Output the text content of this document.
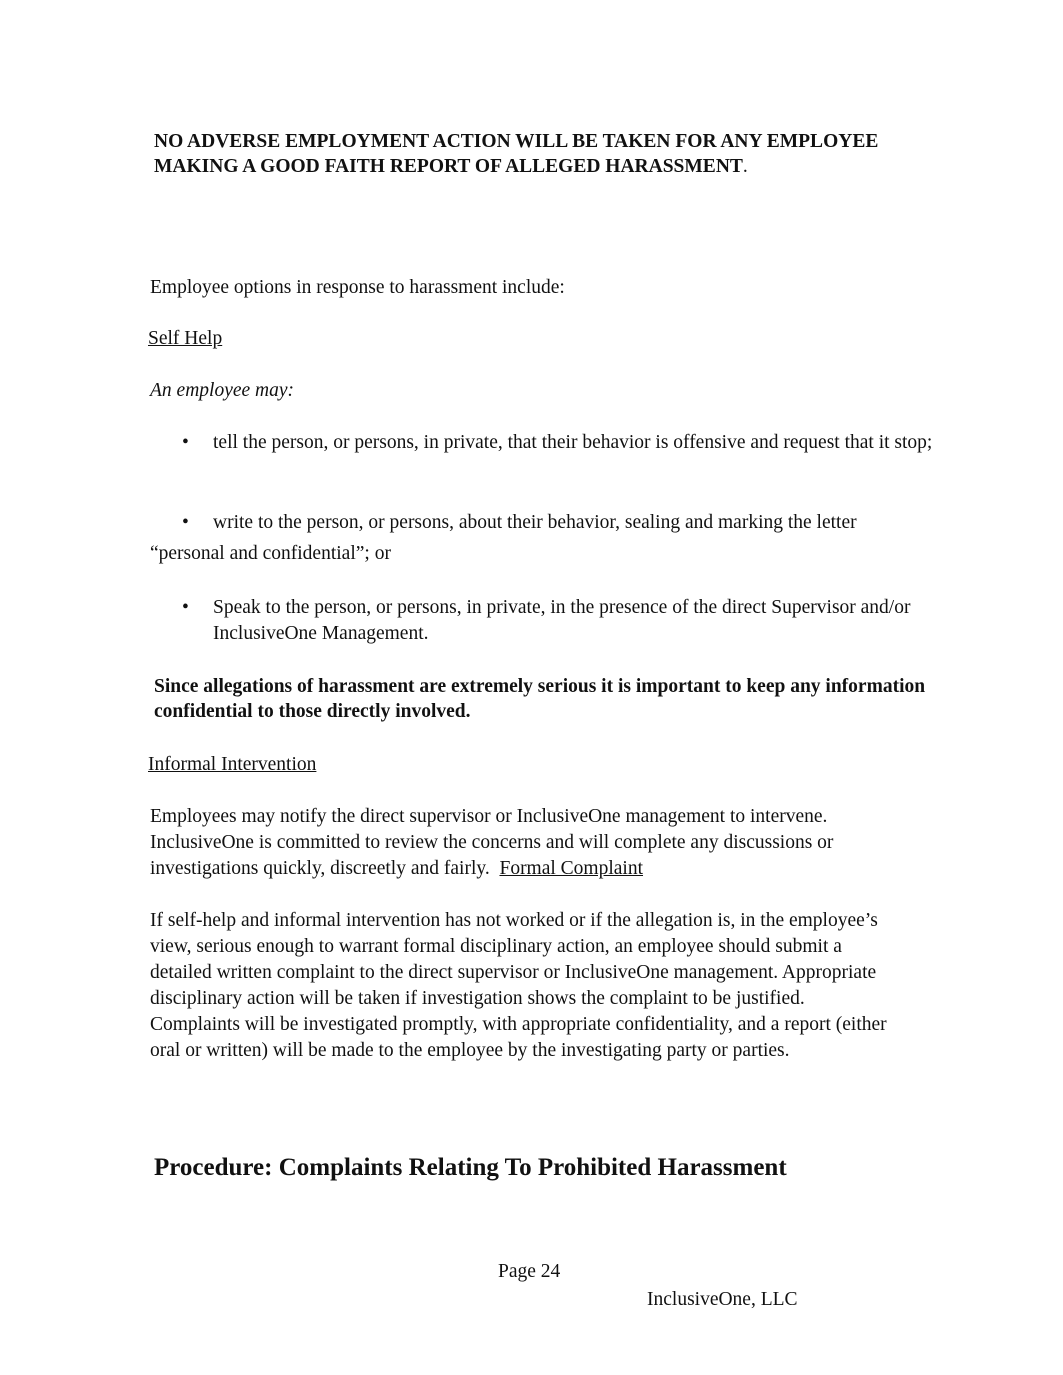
NO ADVERSE EMPLOYMENT ACTION WILL BE TAKEN FOR ANY EMPLOYEE MAKING A GOOD FAITH REPORT OF ALLEGED HARASSMENT.
Employee options in response to harassment include:
Self Help
An employee may:
• tell the person, or persons, in private, that their behavior is offensive and request that it stop;
• write to the person, or persons, about their behavior, sealing and marking the letter
“personal and confidential”; or
• Speak to the person, or persons, in private, in the presence of the direct Supervisor and/or InclusiveOne Management.
Since allegations of harassment are extremely serious it is important to keep any information confidential to those directly involved.
Informal Intervention
Employees may notify the direct supervisor or InclusiveOne management to intervene. InclusiveOne is committed to review the concerns and will complete any discussions or investigations quickly, discreetly and fairly. Formal Complaint
If self-help and informal intervention has not worked or if the allegation is, in the employee’s view, serious enough to warrant formal disciplinary action, an employee should submit a detailed written complaint to the direct supervisor or InclusiveOne management. Appropriate disciplinary action will be taken if investigation shows the complaint to be justified. Complaints will be investigated promptly, with appropriate confidentiality, and a report (either oral or written) will be made to the employee by the investigating party or parties.
Procedure: Complaints Relating To Prohibited Harassment
Page 24
InclusiveOne, LLC
